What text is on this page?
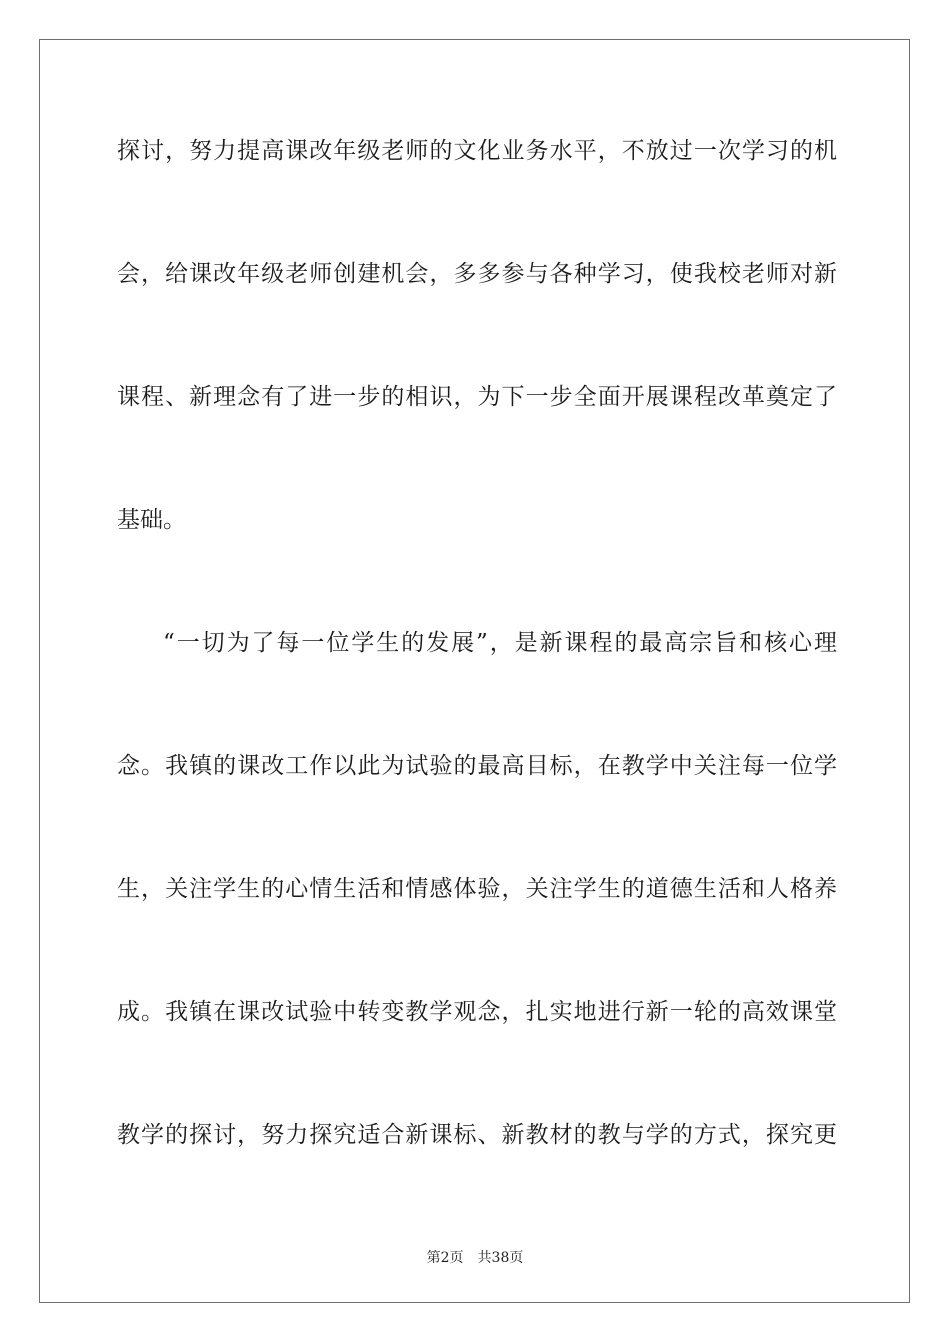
探讨，努力提高课改年级老师的文化业务水平，不放过一次学习的机
会，给课改年级老师创建机会，多多参与各种学习，使我校老师对新
课程、新理念有了进一步的相识，为下一步全面开展课程改革奠定了
基础。
“一切为了每一位学生的发展”，是新课程的最高宗旨和核心理
念。我镇的课改工作以此为试验的最高目标，在教学中关注每一位学
生，关注学生的心情生活和情感体验，关注学生的道德生活和人格养
成。我镇在课改试验中转变教学观念，扎实地进行新一轮的高效课堂
教学的探讨，努力探究适合新课标、新教材的教与学的方式，探究更
第2页 共38页
